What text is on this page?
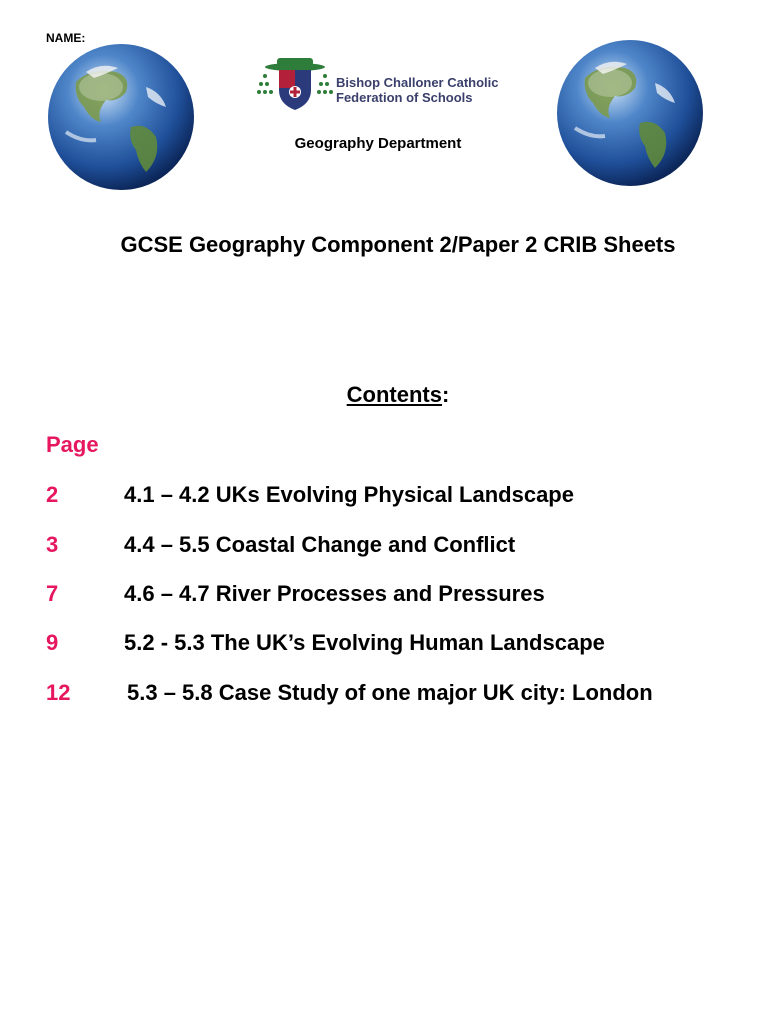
NAME:
Bishop Challoner Catholic
Federation of Schools
Geography Department
GCSE Geography Component 2/Paper 2 CRIB Sheets
Contents:
Page
2	4.1 – 4.2 UKs Evolving Physical Landscape
3	4.4 – 5.5 Coastal Change and Conflict
7	4.6 – 4.7 River Processes and Pressures
9	5.2 - 5.3 The UK’s Evolving Human Landscape
12	5.3 – 5.8 Case Study of one major UK city: London
